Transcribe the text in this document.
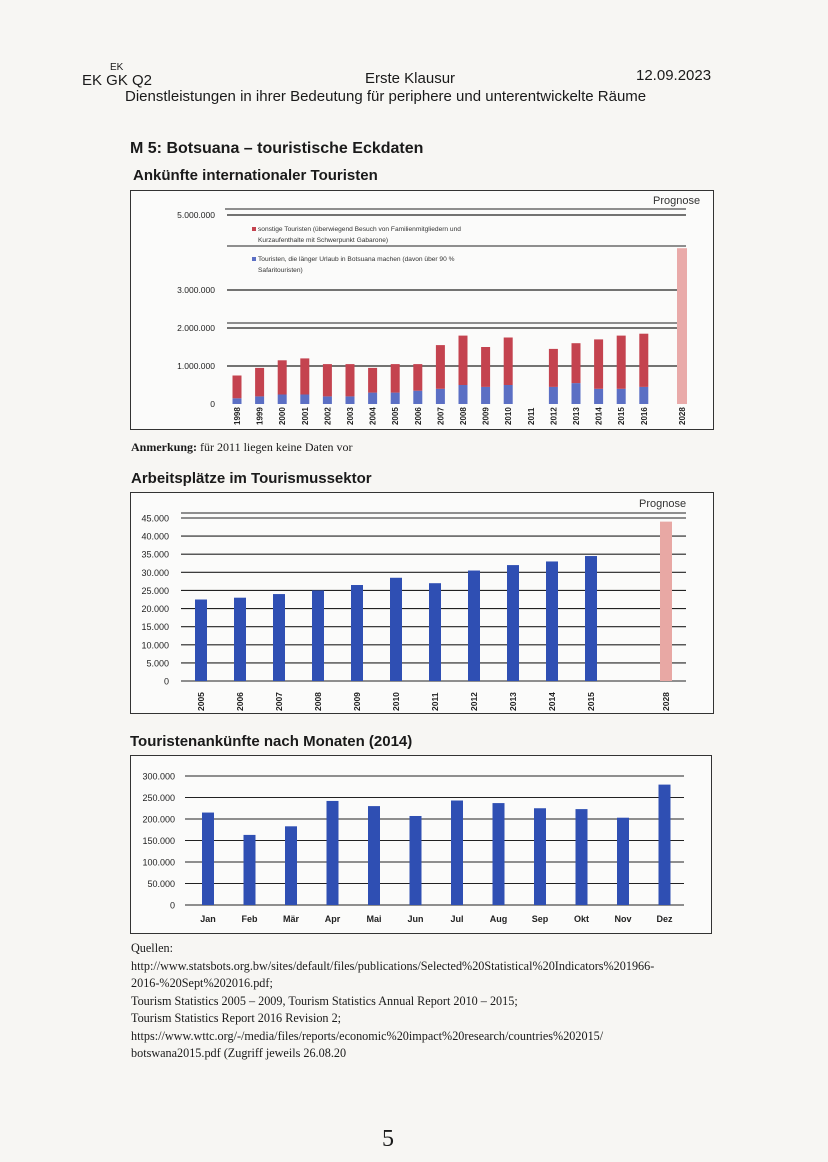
EK GK Q2
EK
Erste Klausur	12.09.2023
Dienstleistungen in ihrer Bedeutung für periphere und unterentwickelte Räume
M 5: Botsuana – touristische Eckdaten
Ankünfte internationaler Touristen
0
1.000.000
2.000.000
3.000.000
5.000.000
Prognose
sonstige Touristen (überwiegend Besuch von Familienmitgliedern und
Kurzaufenthalte mit Schwerpunkt Gabarone)
Touristen, die länger Urlaub in Botsuana machen (davon über 90 %
Safaritouristen)
1998 1999 2000 2001 2002 2003 2004 2005 2006 2007 2008 2009 2010 2011 2012 2013 2014 2015 2016	2028
Anmerkung: für 2011 liegen keine Daten vor
Arbeitsplätze im Tourismussektor
Prognose
0
5.000
10.000
15.000
20.000
25.000
30.000
35.000
40.000
45.000
2005	2006	2007	2008	2009	2010	2011	2012	2013	2014	2015	2028
Touristenankünfte nach Monaten (2014)
0
50.000
100.000
150.000
200.000
250.000
300.000
Jan	Feb	Mär	Apr	Mai	Jun	Jul	Aug	Sep	Okt	Nov	Dez
Quellen:
http://www.statsbots.org.bw/sites/default/files/publications/Selected%20Statistical%20Indicators%201966-
2016-%20Sept%202016.pdf;
Tourism Statistics 2005 – 2009, Tourism Statistics Annual Report 2010 – 2015;
Tourism Statistics Report 2016 Revision 2;
https://www.wttc.org/-/media/files/reports/economic%20impact%20research/countries%202015/
botswana2015.pdf (Zugriff jeweils 26.08.20
5
